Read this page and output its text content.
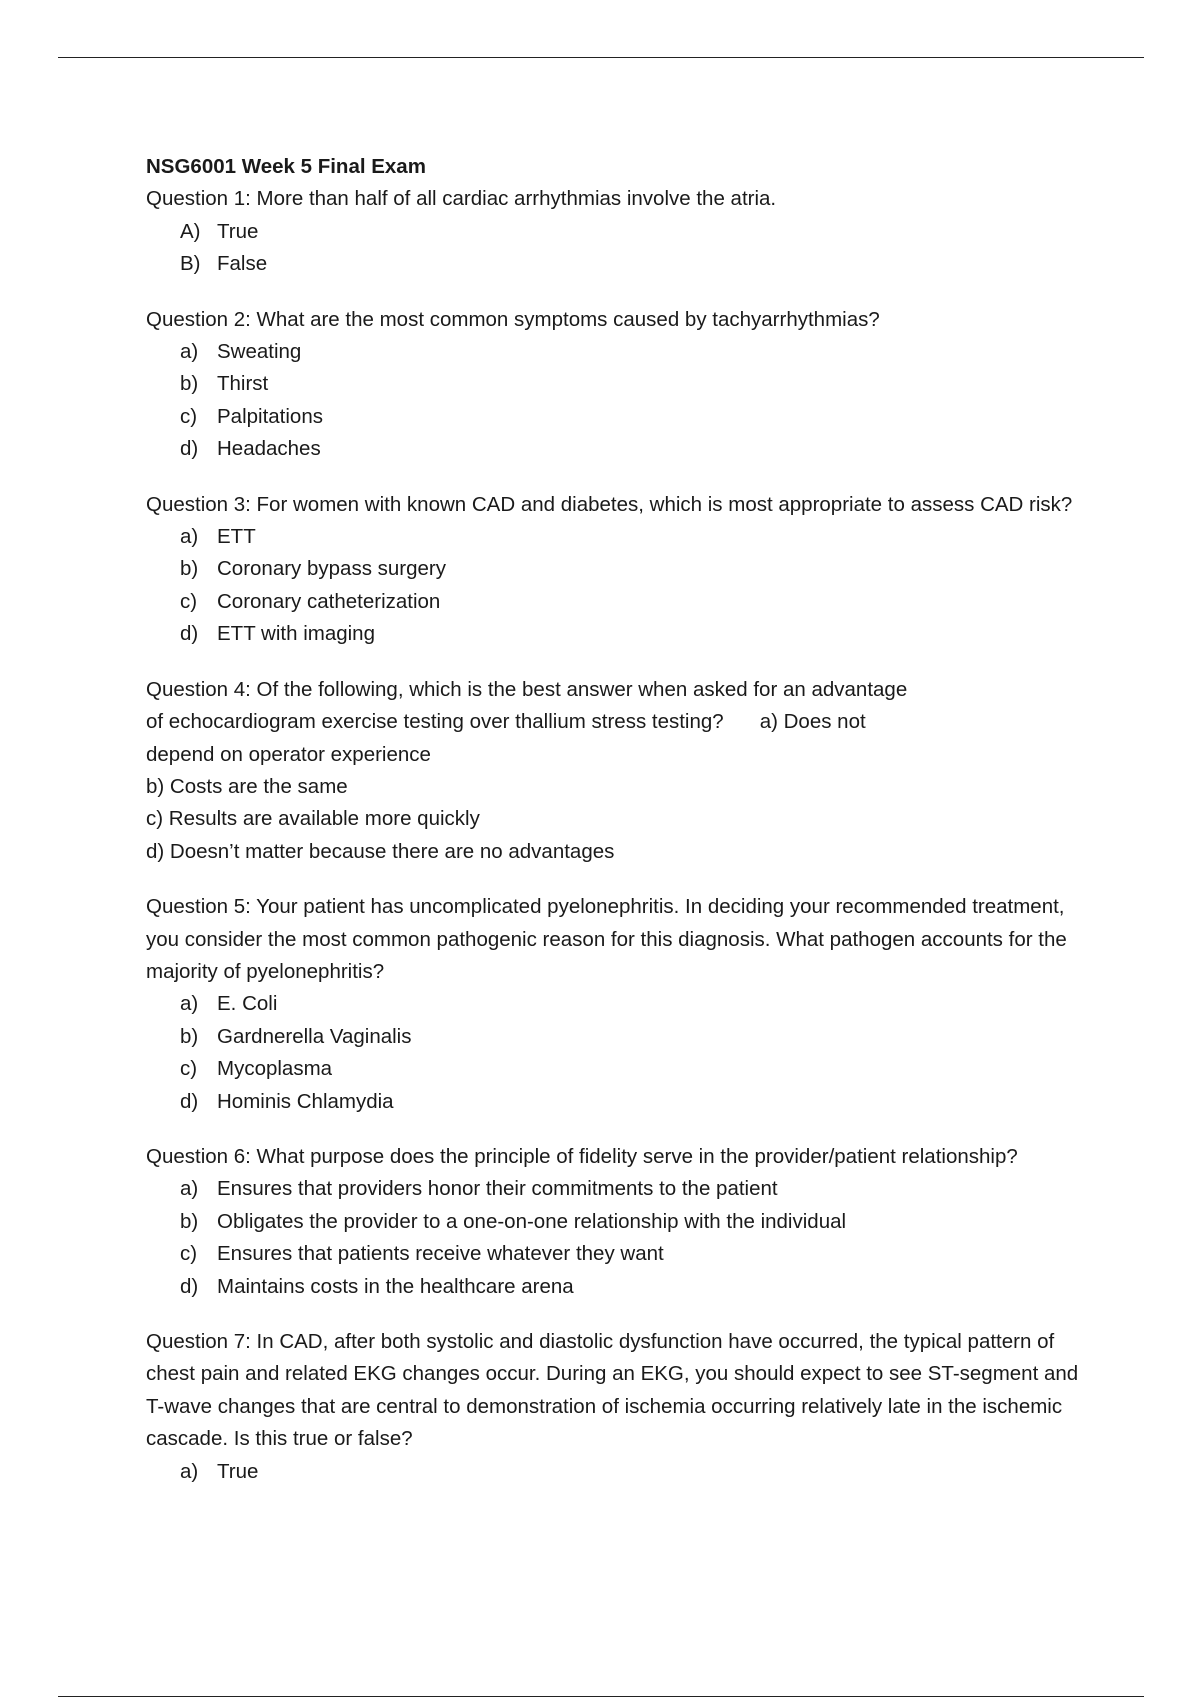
NSG6001 Week 5 Final Exam

Question 1: More than half of all cardiac arrhythmias involve the atria.

A) True
B) False

Question 2: What are the most common symptoms caused by tachyarrhythmias?

a) Sweating
b) Thirst
c) Palpitations
d) Headaches

Question 3: For women with known CAD and diabetes, which is most appropriate to assess CAD risk?

a) ETT
b) Coronary bypass surgery
c) Coronary catheterization
d) ETT with imaging

Question 4: Of the following, which is the best answer when asked for an advantage

of echocardiogram exercise testing over thallium stress testing? a) Does not

depend on operator experience

b) Costs are the same

c) Results are available more quickly

d) Doesn’t matter because there are no advantages

Question 5: Your patient has uncomplicated pyelonephritis. In deciding your recommended treatment, you consider the most common pathogenic reason for this diagnosis. What pathogen accounts for the majority of pyelonephritis?

a) E. Coli
b) Gardnerella Vaginalis
c) Mycoplasma
d) Hominis Chlamydia

Question 6: What purpose does the principle of fidelity serve in the provider/patient relationship?

a) Ensures that providers honor their commitments to the patient
b) Obligates the provider to a one-on-one relationship with the individual
c) Ensures that patients receive whatever they want
d) Maintains costs in the healthcare arena

Question 7: In CAD, after both systolic and diastolic dysfunction have occurred, the typical pattern of chest pain and related EKG changes occur. During an EKG, you should expect to see ST-segment and T-wave changes that are central to demonstration of ischemia occurring relatively late in the ischemic cascade. Is this true or false?

a) True
